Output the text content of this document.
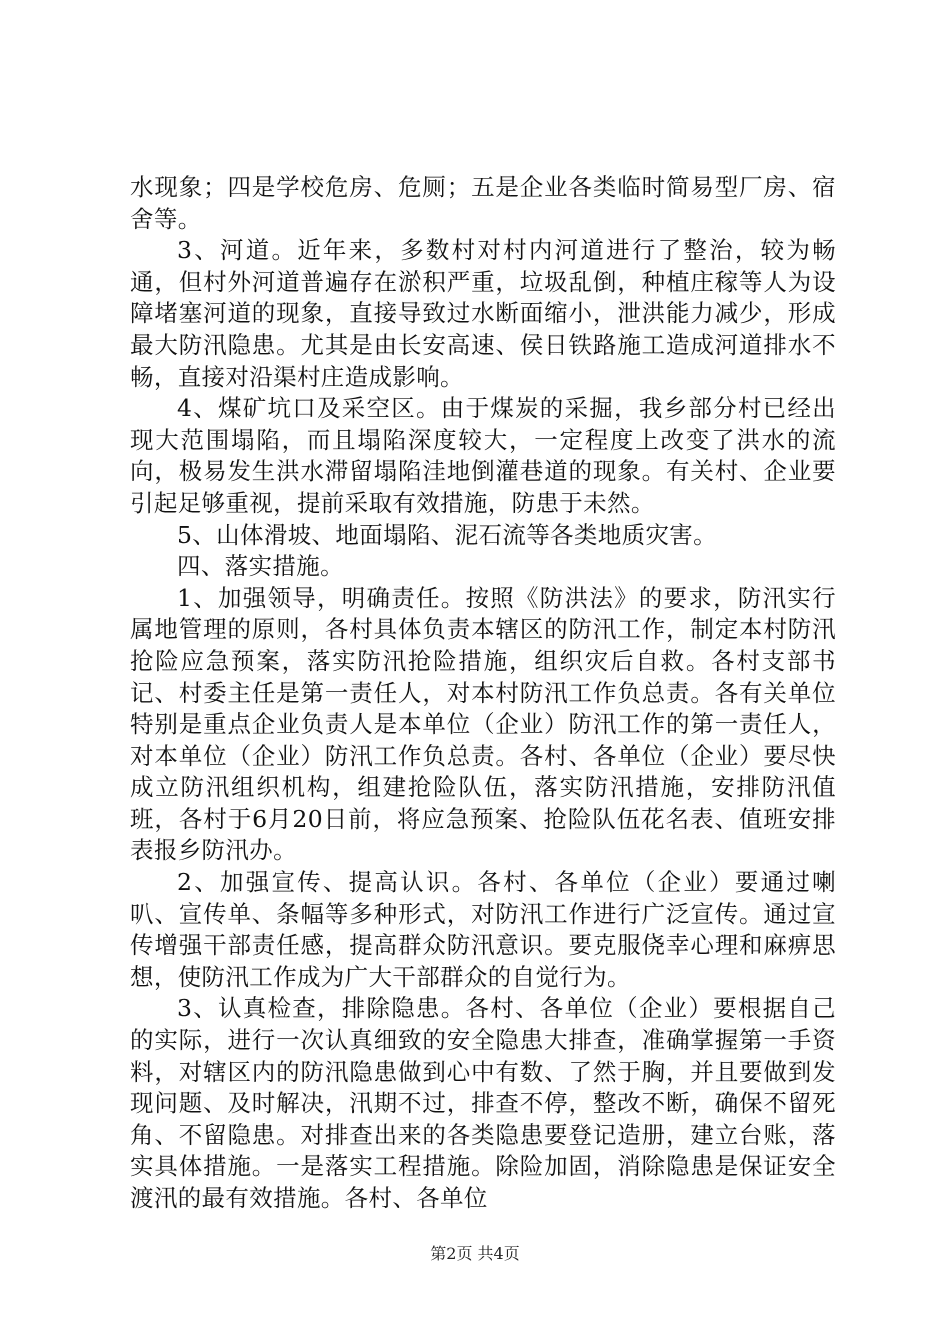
水现象；四是学校危房、危厕；五是企业各类临时简易型厂房、宿舍等。

3、河道。近年来，多数村对村内河道进行了整治，较为畅通，但村外河道普遍存在淤积严重，垃圾乱倒，种植庄稼等人为设障堵塞河道的现象，直接导致过水断面缩小，泄洪能力减少，形成最大防汛隐患。尤其是由长安高速、侯日铁路施工造成河道排水不畅，直接对沿渠村庄造成影响。

4、煤矿坑口及采空区。由于煤炭的采掘，我乡部分村已经出现大范围塌陷，而且塌陷深度较大，一定程度上改变了洪水的流向，极易发生洪水滞留塌陷洼地倒灌巷道的现象。有关村、企业要引起足够重视，提前采取有效措施，防患于未然。

5、山体滑坡、地面塌陷、泥石流等各类地质灾害。

四、落实措施。

1、加强领导，明确责任。按照《防洪法》的要求，防汛实行属地管理的原则，各村具体负责本辖区的防汛工作，制定本村防汛抢险应急预案，落实防汛抢险措施，组织灾后自救。各村支部书记、村委主任是第一责任人，对本村防汛工作负总责。各有关单位特别是重点企业负责人是本单位（企业）防汛工作的第一责任人，对本单位（企业）防汛工作负总责。各村、各单位（企业）要尽快成立防汛组织机构，组建抢险队伍，落实防汛措施，安排防汛值班，各村于6月20日前，将应急预案、抢险队伍花名表、值班安排表报乡防汛办。

2、加强宣传、提高认识。各村、各单位（企业）要通过喇叭、宣传单、条幅等多种形式，对防汛工作进行广泛宣传。通过宣传增强干部责任感，提高群众防汛意识。要克服侥幸心理和麻痹思想，使防汛工作成为广大干部群众的自觉行为。

3、认真检查，排除隐患。各村、各单位（企业）要根据自己的实际，进行一次认真细致的安全隐患大排查，准确掌握第一手资料，对辖区内的防汛隐患做到心中有数、了然于胸，并且要做到发现问题、及时解决，汛期不过，排查不停，整改不断，确保不留死角、不留隐患。对排查出来的各类隐患要登记造册，建立台账，落实具体措施。一是落实工程措施。除险加固，消除隐患是保证安全渡汛的最有效措施。各村、各单位

第2页 共4页
